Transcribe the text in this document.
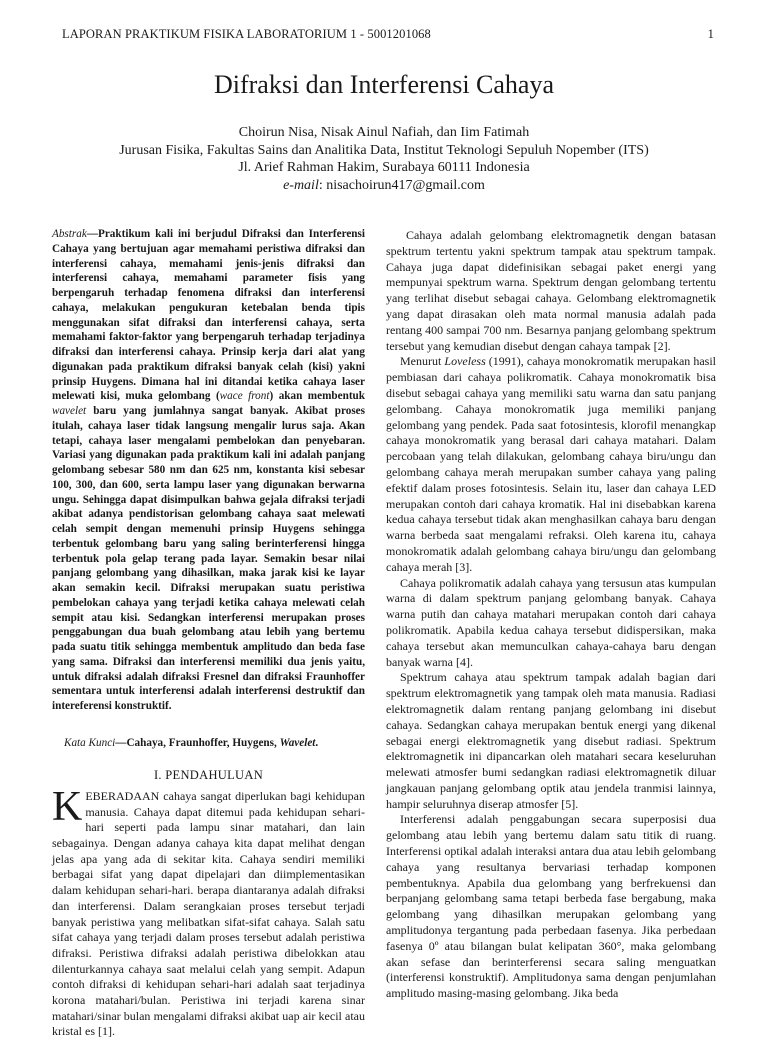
LAPORAN PRAKTIKUM FISIKA LABORATORIUM 1 - 5001201068	1
Difraksi dan Interferensi Cahaya
Choirun Nisa, Nisak Ainul Nafiah, dan Iim Fatimah
Jurusan Fisika, Fakultas Sains dan Analitika Data, Institut Teknologi Sepuluh Nopember (ITS)
Jl. Arief Rahman Hakim, Surabaya 60111 Indonesia
e-mail: nisachoirun417@gmail.com

Abstrak—Praktikum kali ini berjudul Difraksi dan Interferensi Cahaya yang bertujuan agar memahami peristiwa difraksi dan interferensi cahaya, memahami jenis-jenis difraksi dan interferensi cahaya, memahami parameter fisis yang berpengaruh terhadap fenomena difraksi dan interferensi cahaya, melakukan pengukuran ketebalan benda tipis menggunakan sifat difraksi dan interferensi cahaya, serta memahami faktor-faktor yang berpengaruh terhadap terjadinya difraksi dan interferensi cahaya. Prinsip kerja dari alat yang digunakan pada praktikum difraksi banyak celah (kisi) yakni prinsip Huygens. Dimana hal ini ditandai ketika cahaya laser melewati kisi, muka gelombang (wace front) akan membentuk wavelet baru yang jumlahnya sangat banyak. Akibat proses itulah, cahaya laser tidak langsung mengalir lurus saja. Akan tetapi, cahaya laser mengalami pembelokan dan penyebaran. Variasi yang digunakan pada praktikum kali ini adalah panjang gelombang sebesar 580 nm dan 625 nm, konstanta kisi sebesar 100, 300, dan 600, serta lampu laser yang digunakan berwarna ungu. Sehingga dapat disimpulkan bahwa gejala difraksi terjadi akibat adanya pendistorisan gelombang cahaya saat melewati celah sempit dengan memenuhi prinsip Huygens sehingga terbentuk gelombang baru yang saling berinterferensi hingga terbentuk pola gelap terang pada layar. Semakin besar nilai panjang gelombang yang dihasilkan, maka jarak kisi ke layar akan semakin kecil. Difraksi merupakan suatu peristiwa pembelokan cahaya yang terjadi ketika cahaya melewati celah sempit atau kisi. Sedangkan interferensi merupakan proses penggabungan dua buah gelombang atau lebih yang bertemu pada suatu titik sehingga membentuk amplitudo dan beda fase yang sama. Difraksi dan interferensi memiliki dua jenis yaitu, untuk difraksi adalah difraksi Fresnel dan difraksi Fraunhoffer sementara untuk interferensi adalah interferensi destruktif dan intereferensi konstruktif.

Kata Kunci—Cahaya, Fraunhoffer, Huygens, Wavelet.

I. PENDAHULUAN

KEBERADAAN cahaya sangat diperlukan bagi kehidupan manusia. Cahaya dapat ditemui pada kehidupan sehari-hari seperti pada lampu sinar matahari, dan lain sebagainya. Dengan adanya cahaya kita dapat melihat dengan jelas apa yang ada di sekitar kita. Cahaya sendiri memiliki berbagai sifat yang dapat dipelajari dan diimplementasikan dalam kehidupan sehari-hari. berapa diantaranya adalah difraksi dan interferensi. Dalam serangkaian proses tersebut terjadi banyak peristiwa yang melibatkan sifat-sifat cahaya. Salah satu sifat cahaya yang terjadi dalam proses tersebut adalah peristiwa difraksi. Peristiwa difraksi adalah peristiwa dibelokkan atau dilenturkannya cahaya saat melalui celah yang sempit. Adapun contoh difraksi di kehidupan sehari-hari adalah saat terjadinya korona matahari/bulan. Peristiwa ini terjadi karena sinar matahari/sinar bulan mengalami difraksi akibat uap air kecil atau kristal es [1].

Cahaya adalah gelombang elektromagnetik dengan batasan spektrum tertentu yakni spektrum tampak atau spektrum tampak. Cahaya juga dapat didefinisikan sebagai paket energi yang mempunyai spektrum warna. Spektrum dengan gelombang tertentu yang terlihat disebut sebagai cahaya. Gelombang elektromagnetik yang dapat dirasakan oleh mata normal manusia adalah pada rentang 400 sampai 700 nm. Besarnya panjang gelombang spektrum tersebut yang kemudian disebut dengan cahaya tampak [2].

Menurut Loveless (1991), cahaya monokromatik merupakan hasil pembiasan dari cahaya polikromatik. Cahaya monokromatik bisa disebut sebagai cahaya yang memiliki satu warna dan satu panjang gelombang. Cahaya monokromatik juga memiliki panjang gelombang yang pendek. Pada saat fotosintesis, klorofil menangkap cahaya monokromatik yang berasal dari cahaya matahari. Dalam percobaan yang telah dilakukan, gelombang cahaya biru/ungu dan gelombang cahaya merah merupakan sumber cahaya yang paling efektif dalam proses fotosintesis. Selain itu, laser dan cahaya LED merupakan contoh dari cahaya kromatik. Hal ini disebabkan karena kedua cahaya tersebut tidak akan menghasilkan cahaya baru dengan warna berbeda saat mengalami refraksi. Oleh karena itu, cahaya monokromatik adalah gelombang cahaya biru/ungu dan gelombang cahaya merah [3].

Cahaya polikromatik adalah cahaya yang tersusun atas kumpulan warna di dalam spektrum panjang gelombang banyak. Cahaya warna putih dan cahaya matahari merupakan contoh dari cahaya polikromatik. Apabila kedua cahaya tersebut didispersikan, maka cahaya tersebut akan memunculkan cahaya-cahaya baru dengan banyak warna [4].

Spektrum cahaya atau spektrum tampak adalah bagian dari spektrum elektromagnetik yang tampak oleh mata manusia. Radiasi elektromagnetik dalam rentang panjang gelombang ini disebut cahaya. Sedangkan cahaya merupakan bentuk energi yang dikenal sebagai energi elektromagnetik yang disebut radiasi. Spektrum elektromagnetik ini dipancarkan oleh matahari secara keseluruhan melewati atmosfer bumi sedangkan radiasi elektromagnetik diluar jangkauan panjang gelombang optik atau jendela tranmisi lainnya, hampir seluruhnya diserap atmosfer [5].

Interferensi adalah penggabungan secara superposisi dua gelombang atau lebih yang bertemu dalam satu titik di ruang. Interferensi optikal adalah interaksi antara dua atau lebih gelombang cahaya yang resultanya bervariasi terhadap komponen pembentuknya. Apabila dua gelombang yang berfrekuensi dan berpanjang gelombang sama tetapi berbeda fase bergabung, maka gelombang yang dihasilkan merupakan gelombang yang amplitudonya tergantung pada perbedaan fasenya. Jika perbedaan fasenya 0º atau bilangan bulat kelipatan 360°, maka gelombang akan sefase dan berinterferensi secara saling menguatkan (interferensi konstruktif). Amplitudonya sama dengan penjumlahan amplitudo masing-masing gelombang. Jika beda
